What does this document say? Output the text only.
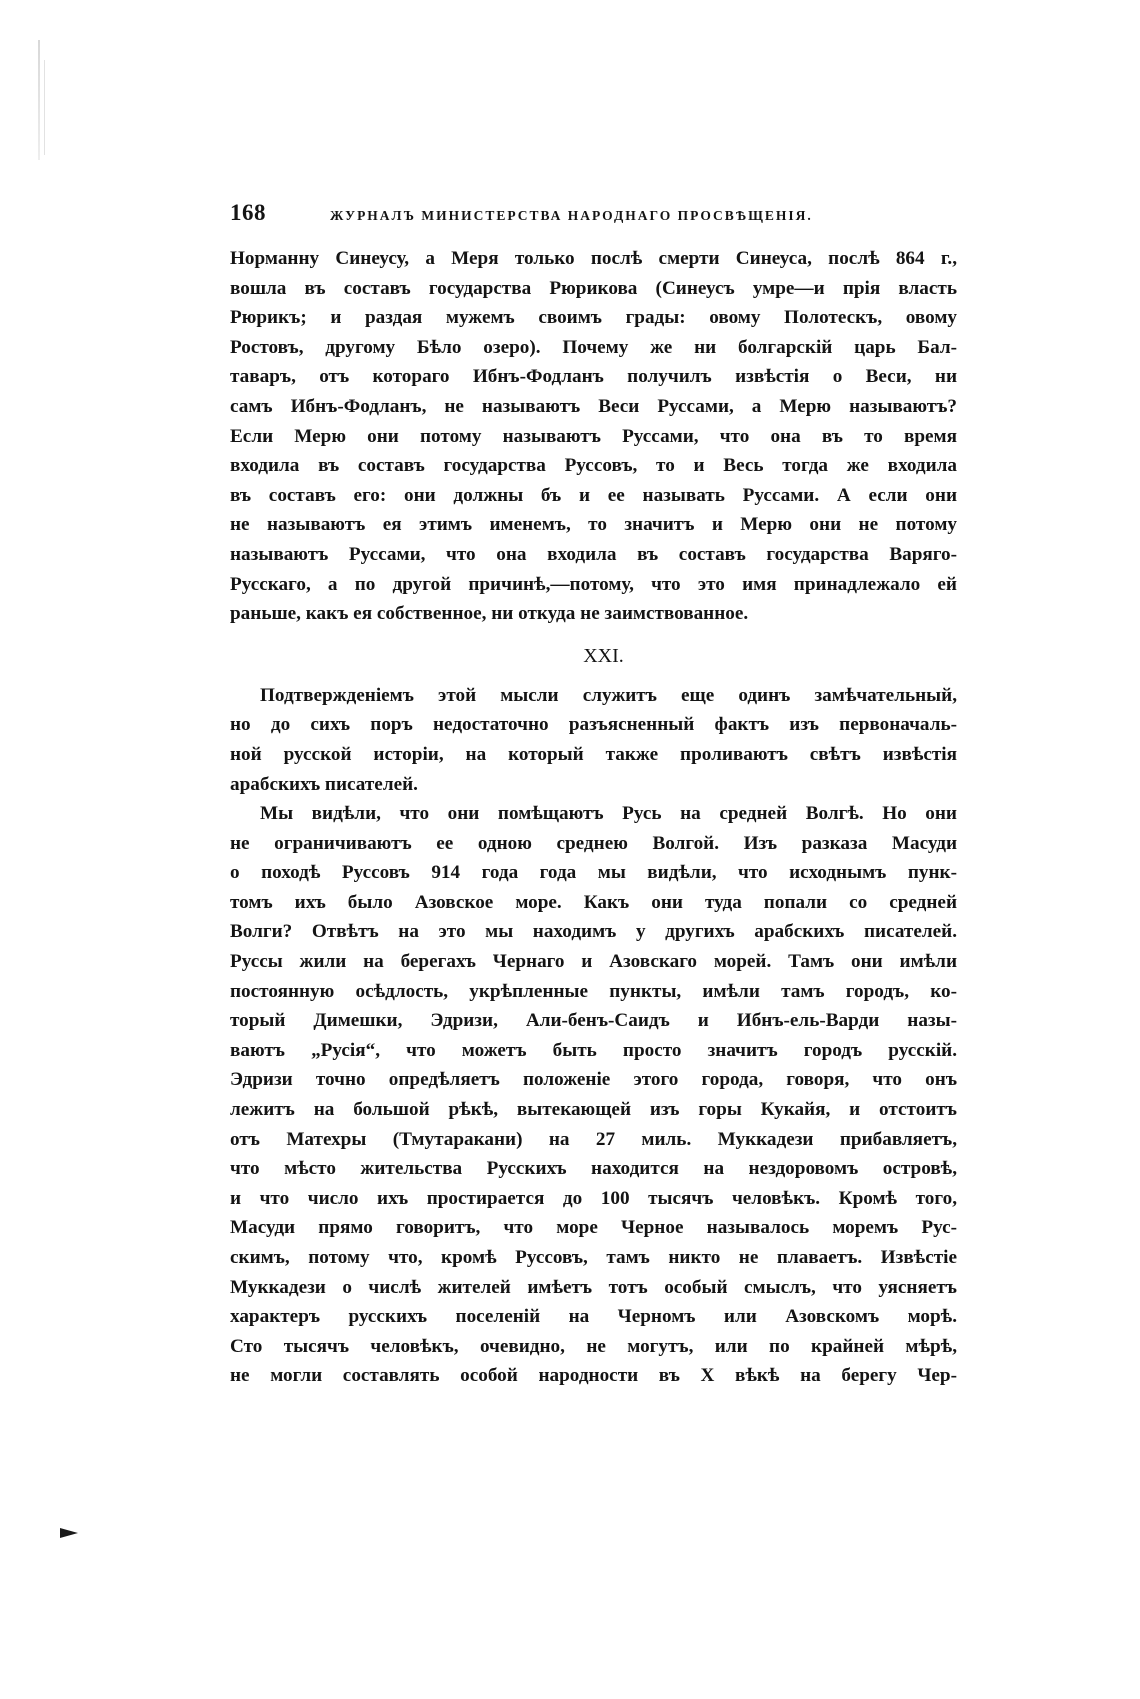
168	ЖУРНАЛЪ МИНИСТЕРСТВА НАРОДНАГО ПРОСВѢЩЕНІЯ.
Норманну Синеусу, а Меря только послѣ смерти Синеуса, послѣ 864 г.,
вошла въ составъ государства Рюрикова (Синеусъ умре—и прія власть
Рюрикъ; и раздая мужемъ своимъ грады: овому Полотескъ, овому
Ростовъ, другому Бѣло озеро). Почему же ни болгарскій царь Бал-
таваръ, отъ котораго Ибнъ-Фодланъ получилъ извѣстія о Веси, ни
самъ Ибнъ-Фодланъ, не называютъ Веси Руссами, а Мерю называютъ?
Если Мерю они потому называютъ Руссами, что она въ то время
входила въ составъ государства Руссовъ, то и Весь тогда же входила
въ составъ его: они должны бъ и ее называть Руссами. А если они
не называютъ ея этимъ именемъ, то значитъ и Мерю они не потому
называютъ Руссами, что она входила въ составъ государства Варяго-
Русскаго, а по другой причинѣ,—потому, что это имя принадлежало ей
раньше, какъ ея собственное, ни откуда не заимствованное.
XXI.
Подтвержденіемъ этой мысли служитъ еще одинъ замѣчательный,
но до сихъ поръ недостаточно разъясненный фактъ изъ первоначаль-
ной русской исторіи, на который также проливаютъ свѣтъ извѣстія
арабскихъ писателей.
Мы видѣли, что они помѣщаютъ Русь на средней Волгѣ. Но они
не ограничиваютъ ее одною среднею Волгой. Изъ разказа Масуди
о походѣ Руссовъ 914 года года мы видѣли, что исходнымъ пунк-
томъ ихъ было Азовское море. Какъ они туда попали со средней
Волги? Отвѣтъ на это мы находимъ у другихъ арабскихъ писателей.
Руссы жили на берегахъ Чернаго и Азовскаго морей. Тамъ они имѣли
постоянную осѣдлость, укрѣпленные пункты, имѣли тамъ городъ, ко-
торый Димешки, Эдризи, Али-бенъ-Саидъ и Ибнъ-ель-Варди назы-
ваютъ „Русія“, что можетъ быть просто значитъ городъ русскій.
Эдризи точно опредѣляетъ положеніе этого города, говоря, что онъ
лежитъ на большой рѣкѣ, вытекающей изъ горы Кукайя, и отстоитъ
отъ Матехры (Тмутаракани) на 27 миль. Муккадези прибавляетъ,
что мѣсто жительства Русскихъ находится на нездоровомъ островѣ,
и что число ихъ простирается до 100 тысячъ человѣкъ. Кромѣ того,
Масуди прямо говоритъ, что море Черное называлось моремъ Рус-
скимъ, потому что, кромѣ Руссовъ, тамъ никто не плаваетъ. Извѣстіе
Муккадези о числѣ жителей имѣетъ тотъ особый смыслъ, что уясняетъ
характеръ русскихъ поселеній на Черномъ или Азовскомъ морѣ.
Сто тысячъ человѣкъ, очевидно, не могутъ, или по крайней мѣрѣ,
не могли составлять особой народности въ X вѣкѣ на берегу Чер-
